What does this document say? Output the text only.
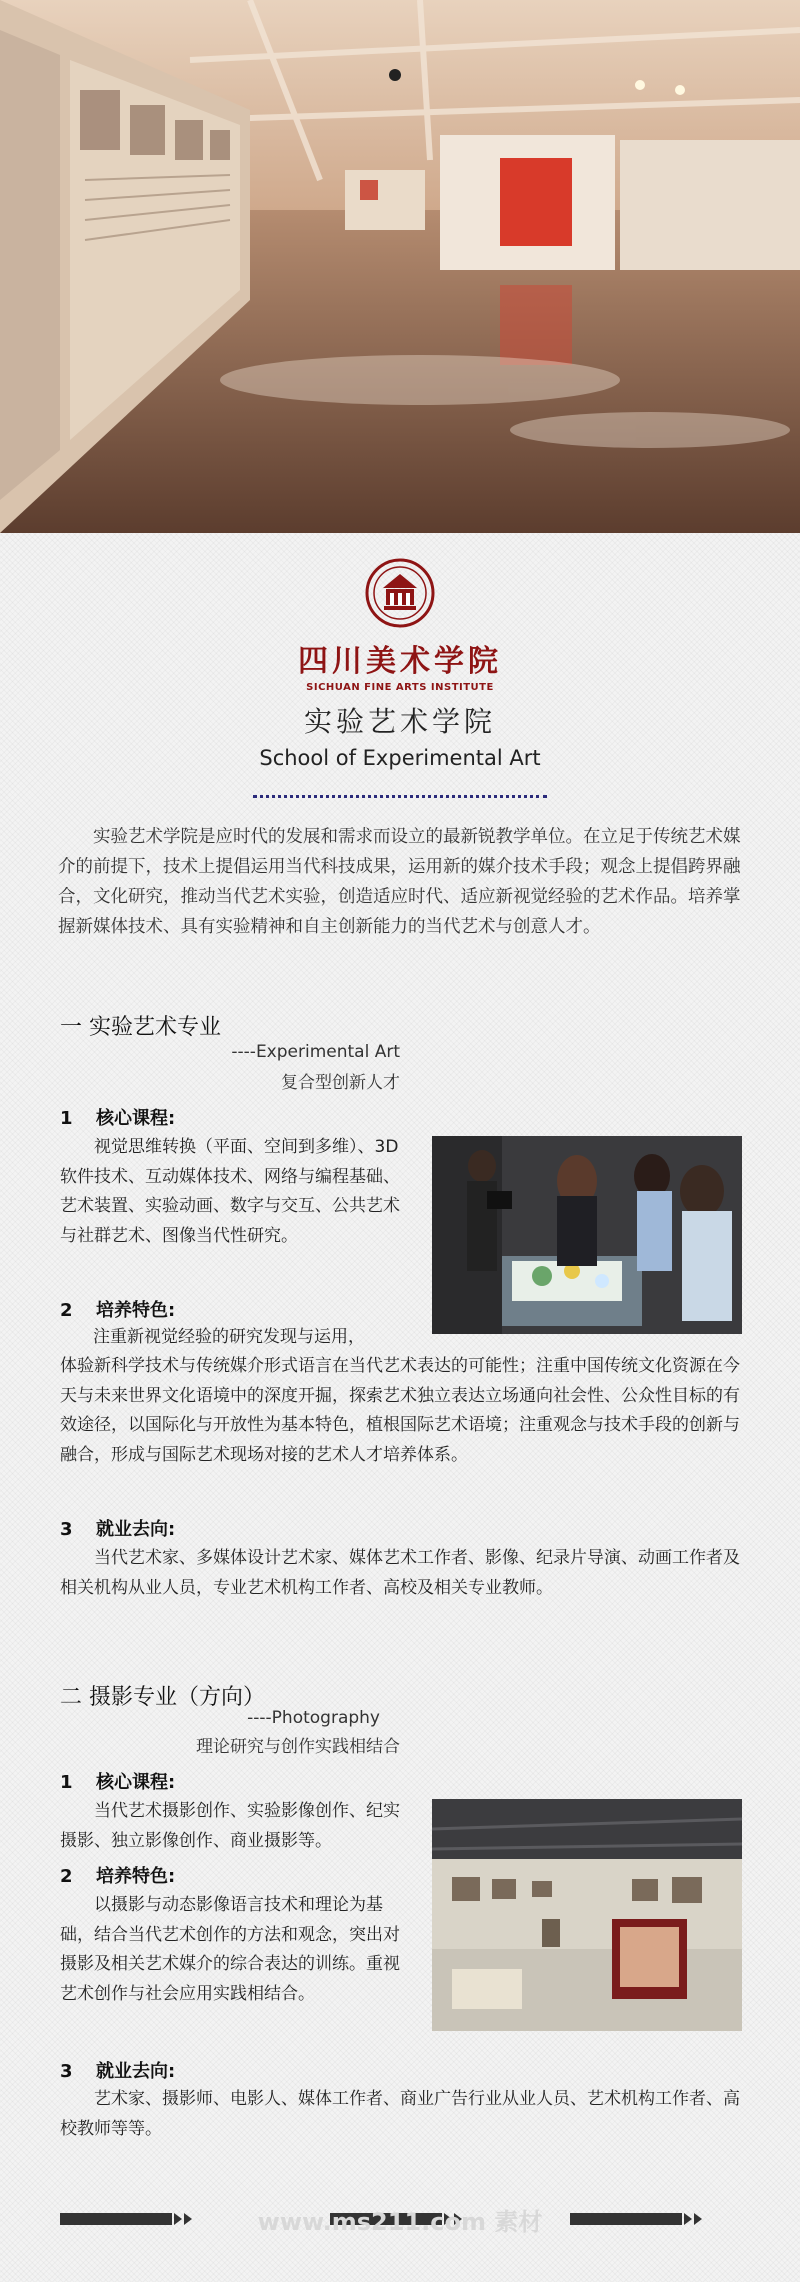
四川美术学院
SICHUAN FINE ARTS INSTITUTE
实验艺术学院
School of Experimental Art
实验艺术学院是应时代的发展和需求而设立的最新锐教学单位。在立足于传统艺术媒介的前提下，技术上提倡运用当代科技成果，运用新的媒介技术手段；观念上提倡跨界融合，文化研究，推动当代艺术实验，创造适应时代、适应新视觉经验的艺术作品。培养掌握新媒体技术、具有实验精神和自主创新能力的当代艺术与创意人才。
一 实验艺术专业
----Experimental Art
复合型创新人才
1 核心课程:
视觉思维转换（平面、空间到多维）、3D软件技术、互动媒体技术、网络与编程基础、艺术装置、实验动画、数字与交互、公共艺术与社群艺术、图像当代性研究。
2 培养特色:
注重新视觉经验的研究发现与运用，
体验新科学技术与传统媒介形式语言在当代艺术表达的可能性；注重中国传统文化资源在今天与未来世界文化语境中的深度开掘，探索艺术独立表达立场通向社会性、公众性目标的有效途径，以国际化与开放性为基本特色，植根国际艺术语境；注重观念与技术手段的创新与融合，形成与国际艺术现场对接的艺术人才培养体系。
3 就业去向:
当代艺术家、多媒体设计艺术家、媒体艺术工作者、影像、纪录片导演、动画工作者及相关机构从业人员，专业艺术机构工作者、高校及相关专业教师。
二 摄影专业（方向）
----Photography
理论研究与创作实践相结合
1 核心课程:
当代艺术摄影创作、实验影像创作、纪实摄影、独立影像创作、商业摄影等。
2 培养特色:
以摄影与动态影像语言技术和理论为基础，结合当代艺术创作的方法和观念，突出对摄影及相关艺术媒介的综合表达的训练。重视艺术创作与社会应用实践相结合。
3 就业去向:
艺术家、摄影师、电影人、媒体工作者、商业广告行业从业人员、艺术机构工作者、高校教师等等。
www.ms211.com 素材
